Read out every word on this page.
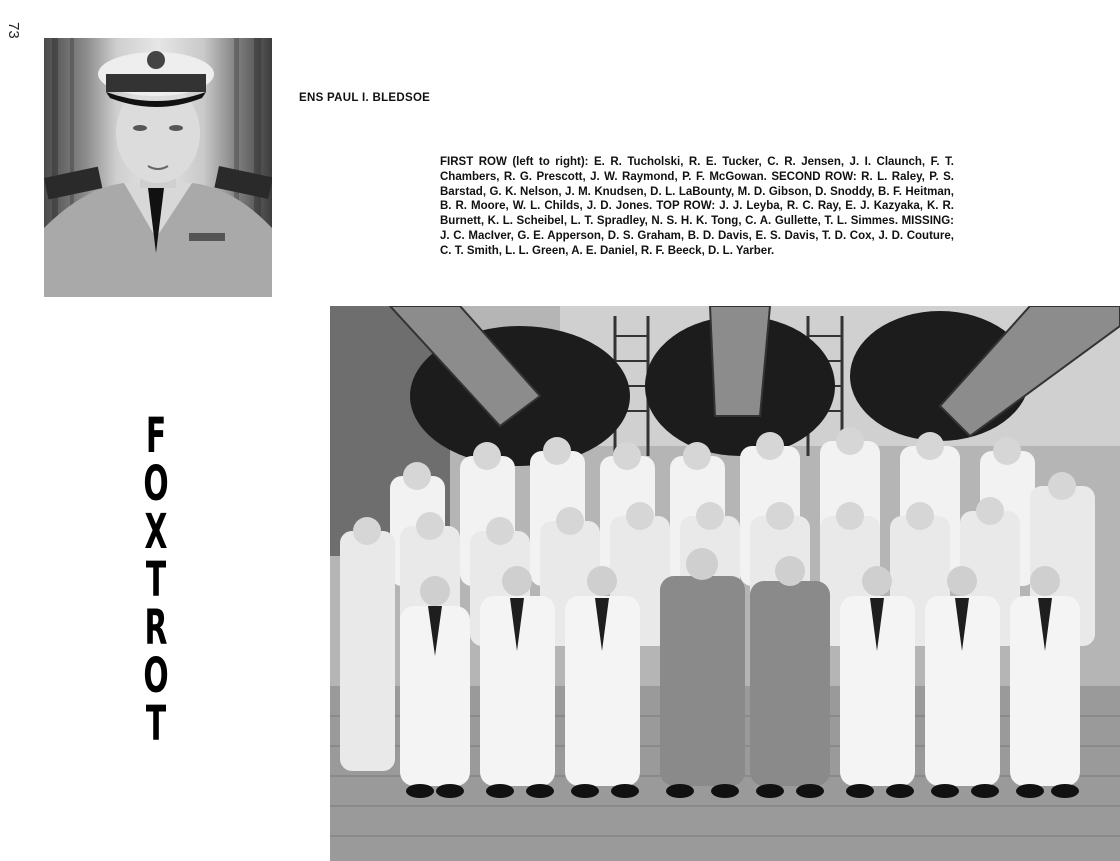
73
ENS PAUL I. BLEDSOE
FIRST ROW (left to right): E. R. Tucholski, R. E. Tucker, C. R. Jensen, J. I. Claunch, F. T. Chambers, R. G. Prescott, J. W. Raymond, P. F. McGowan. SECOND ROW: R. L. Raley, P. S. Barstad, G. K. Nelson, J. M. Knudsen, D. L. LaBounty, M. D. Gibson, D. Snoddy, B. F. Heitman, B. R. Moore, W. L. Childs, J. D. Jones. TOP ROW: J. J. Leyba, R. C. Ray, E. J. Kazyaka, K. R. Burnett, K. L. Scheibel, L. T. Spradley, N. S. H. K. Tong, C. A. Gullette, T. L. Simmes. MISSING: J. C. MacIver, G. E. Apperson, D. S. Graham, B. D. Davis, E. S. Davis, T. D. Cox, J. D. Couture, C. T. Smith, L. L. Green, A. E. Daniel, R. F. Beeck, D. L. Yarber.
F
O
X
T
R
O
T
